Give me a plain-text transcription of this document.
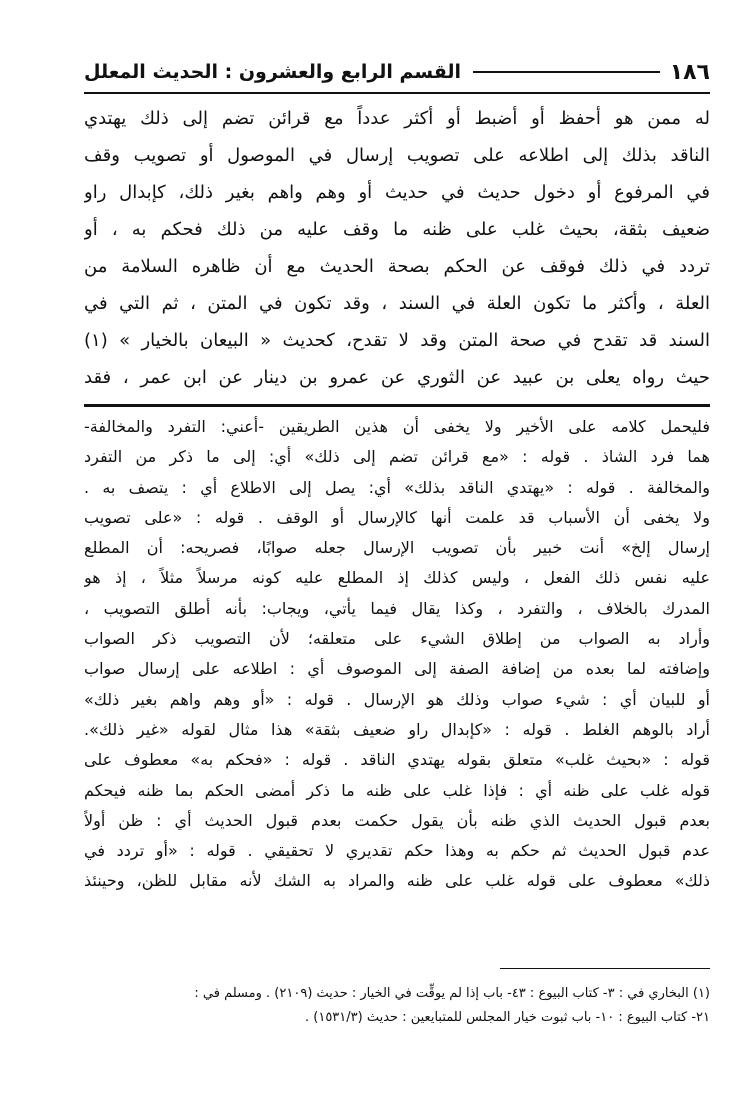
١٨٦
القسم الرابع والعشرون : الحديث المعلل
له ممن هو أحفظ أو أضبط أو أكثر عدداً مع قرائن تضم إلى ذلك يهتدي
الناقد بذلك إلى اطلاعه على تصويب إرسال في الموصول أو تصويب وقف
في المرفوع أو دخول حديث في حديث أو وهم واهم بغير ذلك، كإبدال راو
ضعيف بثقة، بحيث غلب على ظنه ما وقف عليه من ذلك فحكم به ، أو
تردد في ذلك فوقف عن الحكم بصحة الحديث مع أن ظاهره السلامة من
العلة ، وأكثر ما تكون العلة في السند ، وقد تكون في المتن ، ثم التي في
السند قد تقدح في صحة المتن وقد لا تقدح، كحديث « البيعان بالخيار » (١)
حيث رواه يعلى بن عبيد عن الثوري عن عمرو بن دينار عن ابن عمر ، فقد
فليحمل كلامه على الأخير ولا يخفى أن هذين الطريقين -أعني: التفرد والمخالفة-
هما فرد الشاذ . قوله : «مع قرائن تضم إلى ذلك» أي: إلى ما ذكر من التفرد
والمخالفة . قوله : «يهتدي الناقد بذلك» أي: يصل إلى الاطلاع أي : يتصف به .
ولا يخفى أن الأسباب قد علمت أنها كالإرسال أو الوقف . قوله : «على تصويب
إرسال إلخ» أنت خبير بأن تصويب الإرسال جعله صوابًا، فصريحه: أن المطلع
عليه نفس ذلك الفعل ، وليس كذلك إذ المطلع عليه كونه مرسلاً مثلاً ، إذ هو
المدرك بالخلاف ، والتفرد ، وكذا يقال فيما يأتي، ويجاب: بأنه أطلق التصويب ،
وأراد به الصواب من إطلاق الشيء على متعلقه؛ لأن التصويب ذكر الصواب
وإضافته لما بعده من إضافة الصفة إلى الموصوف أي : اطلاعه على إرسال صواب
أو للبيان أي : شيء صواب وذلك هو الإرسال . قوله : «أو وهم واهم بغير ذلك»
أراد بالوهم الغلط . قوله : «كإبدال راو ضعيف بثقة» هذا مثال لقوله «غير ذلك».
قوله : «بحيث غلب» متعلق بقوله يهتدي الناقد . قوله : «فحكم به» معطوف على
قوله غلب على ظنه أي : فإذا غلب على ظنه ما ذكر أمضى الحكم بما ظنه فيحكم
بعدم قبول الحديث الذي ظنه بأن يقول حكمت بعدم قبول الحديث أي : ظن أولاً
عدم قبول الحديث ثم حكم به وهذا حكم تقديري لا تحقيقي . قوله : «أو تردد في
ذلك» معطوف على قوله غلب على ظنه والمراد به الشك لأنه مقابل للظن، وحينئذ
(١) البخاري في : ٣- كتاب البيوع : ٤٣- باب إذا لم يوقِّت في الخيار : حديث (٢١٠٩) . ومسلم في :
٢١- كتاب البيوع : ١٠- باب ثبوت خيار المجلس للمتبايعين : حديث (١٥٣١/٣) .
